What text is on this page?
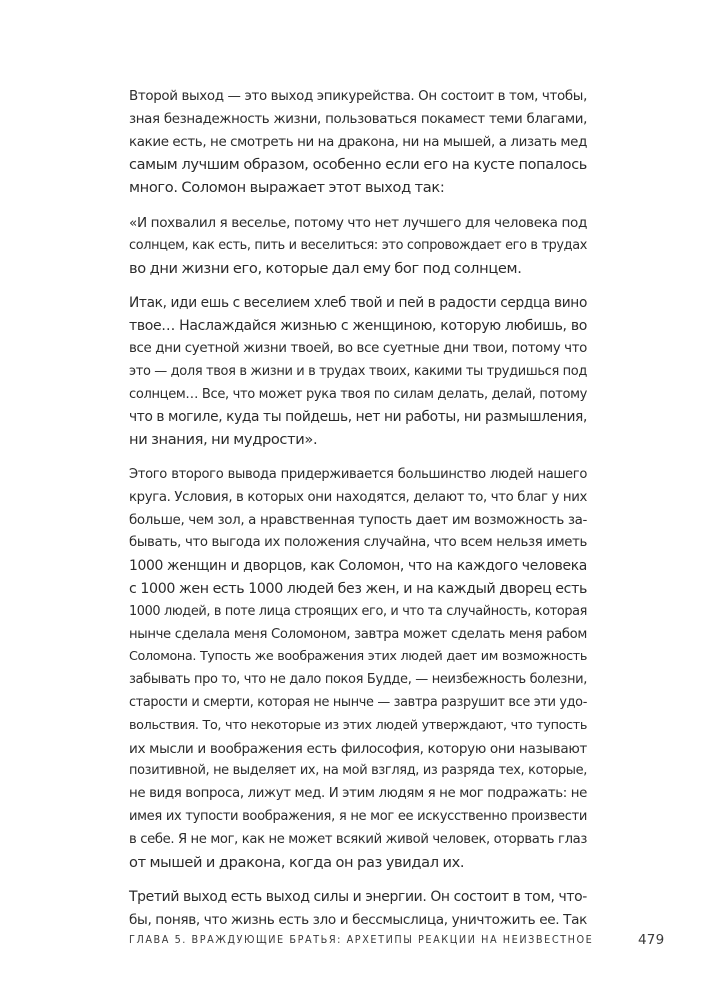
Второй выход — это выход эпикурейства. Он состоит в том, чтобы,
зная безнадежность жизни, пользоваться покамест теми благами,
какие есть, не смотреть ни на дракона, ни на мышей, а лизать мед
самым лучшим образом, особенно если его на кусте попалось
много. Соломон выражает этот выход так:

«И похвалил я веселье, потому что нет лучшего для человека под
солнцем, как есть, пить и веселиться: это сопровождает его в трудах
во дни жизни его, которые дал ему бог под солнцем.

Итак, иди ешь с веселием хлеб твой и пей в радости сердца вино
твое… Наслаждайся жизнью с женщиною, которую любишь, во
все дни суетной жизни твоей, во все суетные дни твои, потому что
это — доля твоя в жизни и в трудах твоих, какими ты трудишься под
солнцем… Все, что может рука твоя по силам делать, делай, потому
что в могиле, куда ты пойдешь, нет ни работы, ни размышления,
ни знания, ни мудрости».

Этого второго вывода придерживается большинство людей нашего
круга. Условия, в которых они находятся, делают то, что благ у них
больше, чем зол, а нравственная тупость дает им возможность за-
бывать, что выгода их положения случайна, что всем нельзя иметь
1000 женщин и дворцов, как Соломон, что на каждого человека
с 1000 жен есть 1000 людей без жен, и на каждый дворец есть
1000 людей, в поте лица строящих его, и что та случайность, которая
нынче сделала меня Соломоном, завтра может сделать меня рабом
Соломона. Тупость же воображения этих людей дает им возможность
забывать про то, что не дало покоя Будде, — неизбежность болезни,
старости и смерти, которая не нынче — завтра разрушит все эти удо-
вольствия. То, что некоторые из этих людей утверждают, что тупость
их мысли и воображения есть философия, которую они называют
позитивной, не выделяет их, на мой взгляд, из разряда тех, которые,
не видя вопроса, лижут мед. И этим людям я не мог подражать: не
имея их тупости воображения, я не мог ее искусственно произвести
в себе. Я не мог, как не может всякий живой человек, оторвать глаз
от мышей и дракона, когда он раз увидал их.

Третий выход есть выход силы и энергии. Он состоит в том, что-
бы, поняв, что жизнь есть зло и бессмыслица, уничтожить ее. Так

ГЛАВА 5. ВРАЖДУЮЩИЕ БРАТЬЯ: АРХЕТИПЫ РЕАКЦИИ НА НЕИЗВЕСТНОЕ	479
